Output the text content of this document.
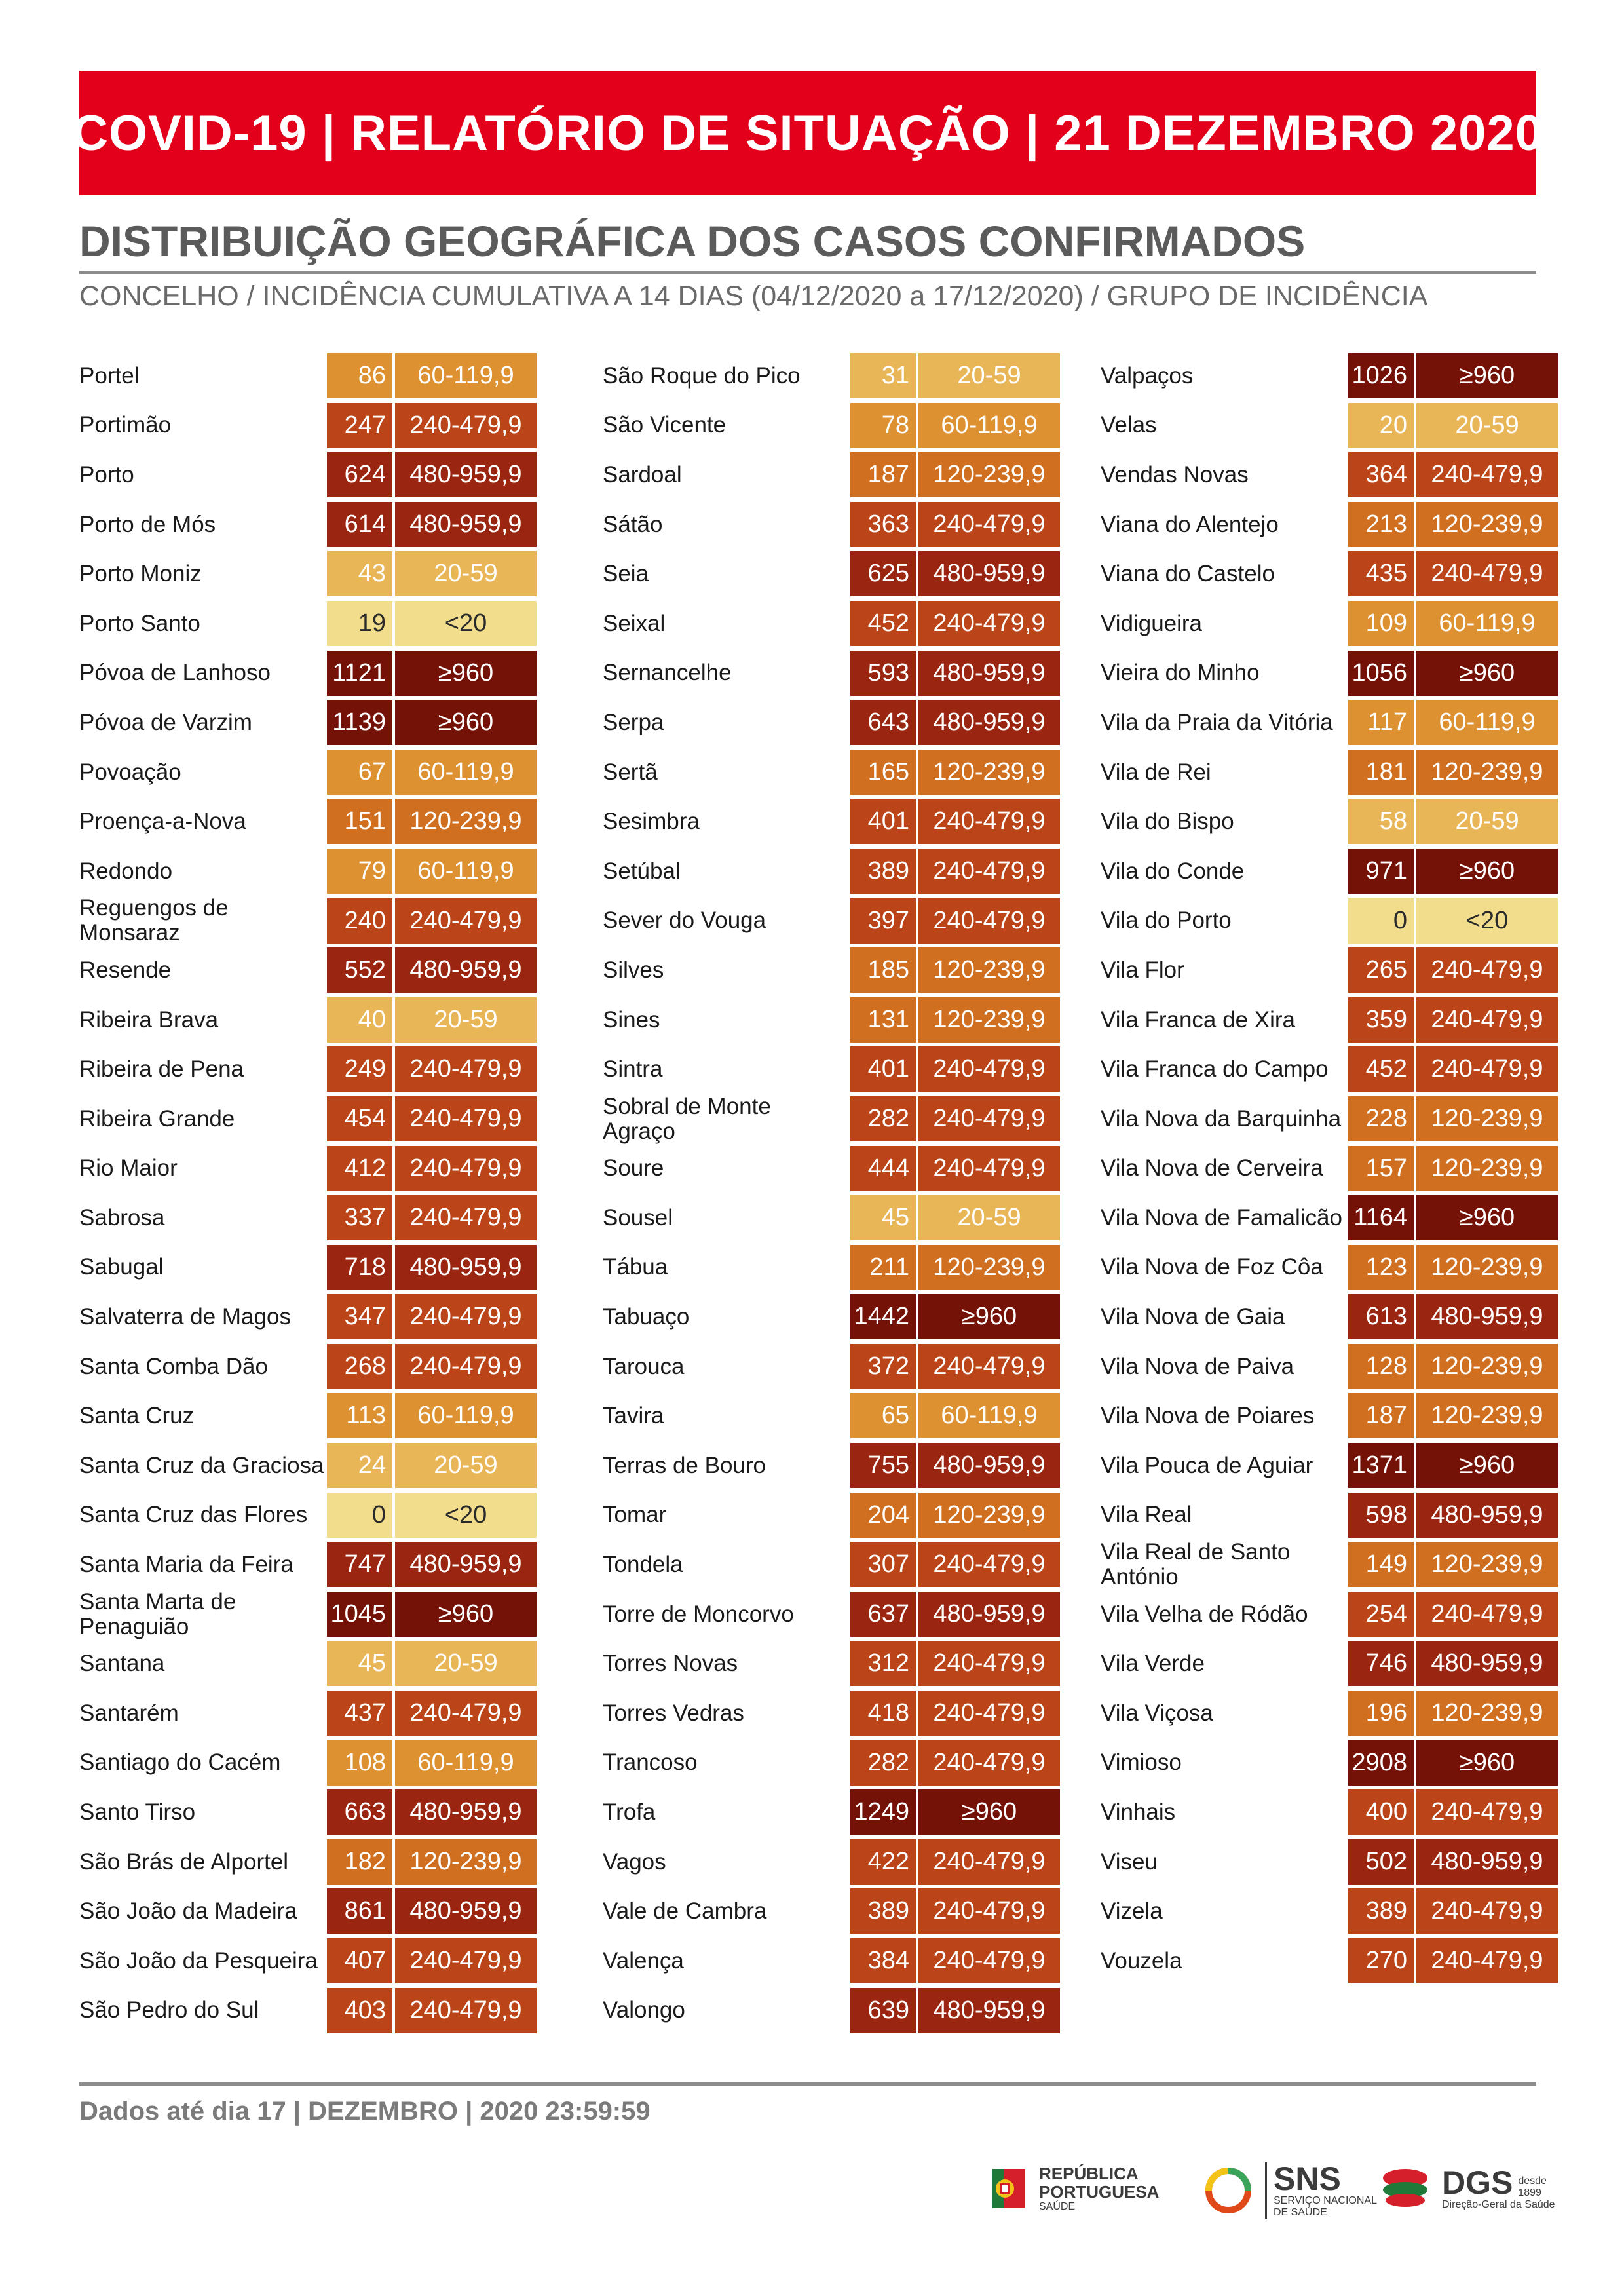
COVID-19 | RELATÓRIO DE SITUAÇÃO | 21 DEZEMBRO 2020
DISTRIBUIÇÃO GEOGRÁFICA DOS CASOS CONFIRMADOS
CONCELHO / INCIDÊNCIA CUMULATIVA A 14 DIAS (04/12/2020 a 17/12/2020) / GRUPO DE INCIDÊNCIA
Portel	86	60-119,9
Portimão	247 240-479,9
Porto	624 480-959,9
Porto de Mós	614 480-959,9
Porto Moniz	43	20-59
Porto Santo	19	<20
Póvoa de Lanhoso	1121	≥960
Póvoa de Varzim	1139	≥960
Povoação	67	60-119,9
Proença-a-Nova	151 120-239,9
Redondo	79	60-119,9
Reguengos de Monsaraz	240 240-479,9
Resende	552 480-959,9
Ribeira Brava	40	20-59
Ribeira de Pena	249 240-479,9
Ribeira Grande	454 240-479,9
Rio Maior	412 240-479,9
Sabrosa	337 240-479,9
Sabugal	718 480-959,9
Salvaterra de Magos	347 240-479,9
Santa Comba Dão	268 240-479,9
Santa Cruz	113	60-119,9
Santa Cruz da Graciosa	24	20-59
Santa Cruz das Flores	0	<20
Santa Maria da Feira	747 480-959,9
Santa Marta de Penaguião	1045	≥960
Santana	45	20-59
Santarém	437 240-479,9
Santiago do Cacém	108	60-119,9
Santo Tirso	663 480-959,9
São Brás de Alportel	182 120-239,9
São João da Madeira	861 480-959,9
São João da Pesqueira	407 240-479,9
São Pedro do Sul	403 240-479,9
São Roque do Pico	31	20-59
São Vicente	78	60-119,9
Sardoal	187 120-239,9
Sátão	363 240-479,9
Seia	625 480-959,9
Seixal	452 240-479,9
Sernancelhe	593 480-959,9
Serpa	643 480-959,9
Sertã	165 120-239,9
Sesimbra	401 240-479,9
Setúbal	389 240-479,9
Sever do Vouga	397 240-479,9
Silves	185 120-239,9
Sines	131 120-239,9
Sintra	401 240-479,9
Sobral de Monte Agraço	282 240-479,9
Soure	444 240-479,9
Sousel	45	20-59
Tábua	211 120-239,9
Tabuaço	1442	≥960
Tarouca	372 240-479,9
Tavira	65	60-119,9
Terras de Bouro	755 480-959,9
Tomar	204 120-239,9
Tondela	307 240-479,9
Torre de Moncorvo	637 480-959,9
Torres Novas	312 240-479,9
Torres Vedras	418 240-479,9
Trancoso	282 240-479,9
Trofa	1249	≥960
Vagos	422 240-479,9
Vale de Cambra	389 240-479,9
Valença	384 240-479,9
Valongo	639 480-959,9
Valpaços	1026	≥960
Velas	20	20-59
Vendas Novas	364 240-479,9
Viana do Alentejo	213 120-239,9
Viana do Castelo	435 240-479,9
Vidigueira	109	60-119,9
Vieira do Minho	1056	≥960
Vila da Praia da Vitória	117	60-119,9
Vila de Rei	181 120-239,9
Vila do Bispo	58	20-59
Vila do Conde	971	≥960
Vila do Porto	0	<20
Vila Flor	265 240-479,9
Vila Franca de Xira	359 240-479,9
Vila Franca do Campo	452 240-479,9
Vila Nova da Barquinha 228 120-239,9
Vila Nova de Cerveira	157 120-239,9
Vila Nova de Famalicão 1164	≥960
Vila Nova de Foz Côa	123 120-239,9
Vila Nova de Gaia	613 480-959,9
Vila Nova de Paiva	128 120-239,9
Vila Nova de Poiares	187 120-239,9
Vila Pouca de Aguiar	1371	≥960
Vila Real	598 480-959,9
Vila Real de Santo António	149 120-239,9
Vila Velha de Ródão	254 240-479,9
Vila Verde	746 480-959,9
Vila Viçosa	196 120-239,9
Vimioso	2908	≥960
Vinhais	400 240-479,9
Viseu	502 480-959,9
Vizela	389 240-479,9
Vouzela	270 240-479,9
Dados até dia 17 | DEZEMBRO | 2020 23:59:59
REPÚBLICA
PORTUGUESA
SAÚDE
SNS
SERVIÇO NACIONAL
DE SAÚDE
DGS desde 1899
Direção-Geral da Saúde
